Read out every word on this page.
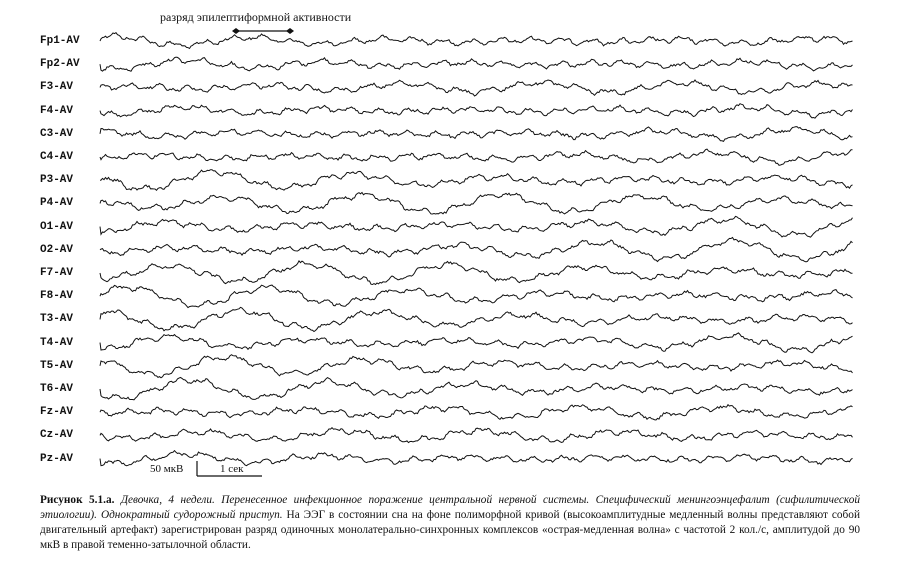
разряд эпилептиформной активности
Fp1-AV
Fp2-AV
F3-AV
F4-AV
C3-AV
C4-AV
P3-AV
P4-AV
O1-AV
O2-AV
F7-AV
F8-AV
T3-AV
T4-AV
T5-AV
T6-AV
Fz-AV
Cz-AV
Pz-AV
50 мкВ	1 сек
Рисунок 5.1.а. Девочка, 4 недели. Перенесенное инфекционное поражение центральной нервной системы. Специфический менингоэнцефалит (сифилитической этиологии). Однократный судорожный приступ. На ЭЭГ в состоянии сна на фоне полиморфной кривой (высокоамплитудные медленный волны представляют собой двигательный артефакт) зарегистрирован разряд одиночных монолатерально-синхронных комплексов «острая-медленная волна» с частотой 2 кол./с, амплитудой до 90 мкВ в правой теменно-затылочной области.
